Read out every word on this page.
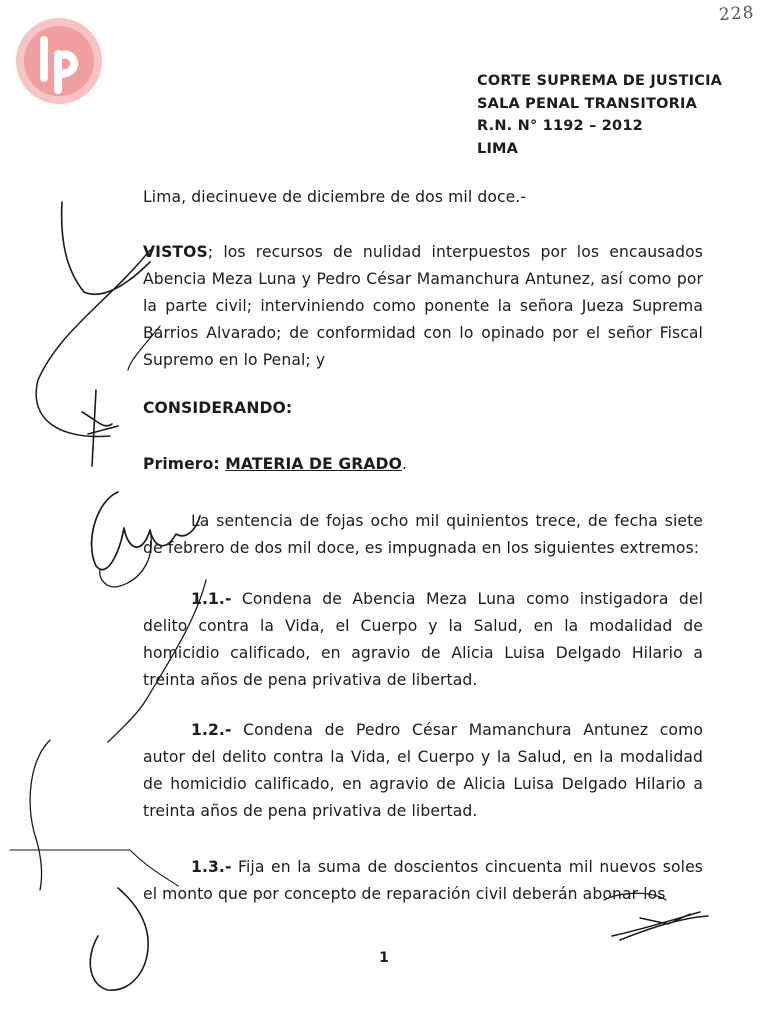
228
CORTE SUPREMA DE JUSTICIA
SALA PENAL TRANSITORIA
R.N. N° 1192 – 2012
LIMA
Lima, diecinueve de diciembre de dos mil doce.-
VISTOS; los recursos de nulidad interpuestos por los encausados Abencia Meza Luna y Pedro César Mamanchura Antunez, así como por la parte civil; interviniendo como ponente la señora Jueza Suprema Barrios Alvarado; de conformidad con lo opinado por el señor Fiscal Supremo en lo Penal; y
CONSIDERANDO:
Primero: MATERIA DE GRADO.
La sentencia de fojas ocho mil quinientos trece, de fecha siete de febrero de dos mil doce, es impugnada en los siguientes extremos:
1.1.- Condena de Abencia Meza Luna como instigadora del delito contra la Vida, el Cuerpo y la Salud, en la modalidad de homicidio calificado, en agravio de Alicia Luisa Delgado Hilario a treinta años de pena privativa de libertad.
1.2.- Condena de Pedro César Mamanchura Antunez como autor del delito contra la Vida, el Cuerpo y la Salud, en la modalidad de homicidio calificado, en agravio de Alicia Luisa Delgado Hilario a treinta años de pena privativa de libertad.
1.3.- Fija en la suma de doscientos cincuenta mil nuevos soles el monto que por concepto de reparación civil deberán abonar los
1
